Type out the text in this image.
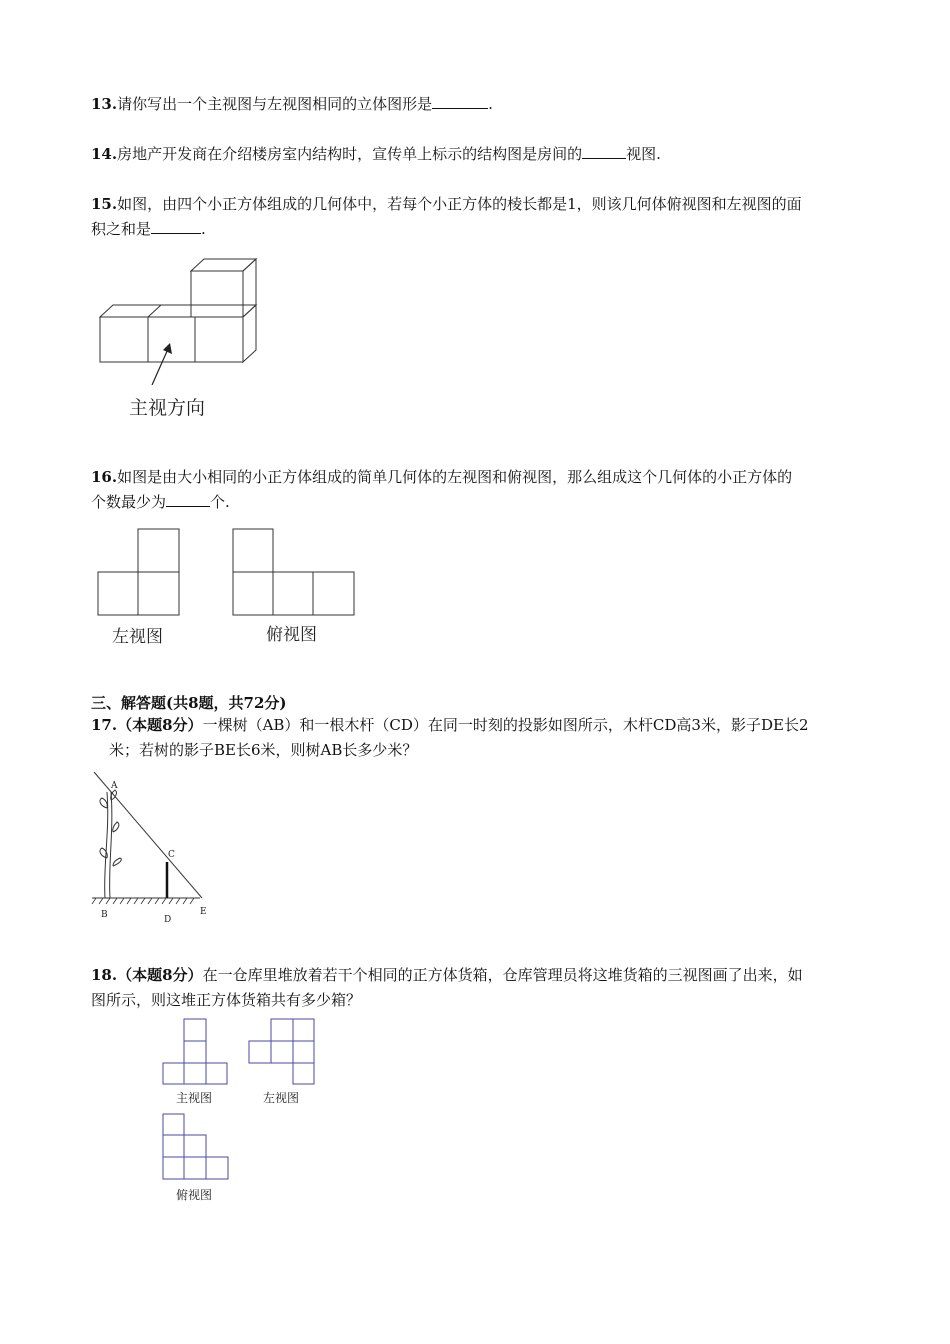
13.请你写出一个主视图与左视图相同的立体图形是	.
14.房地产开发商在介绍楼房室内结构时，宣传单上标示的结构图是房间的	视图.
15.如图，由四个小正方体组成的几何体中，若每个小正方体的棱长都是1，则该几何体俯视图和左视图的面
积之和是	.
主视方向
16.如图是由大小相同的小正方体组成的简单几何体的左视图和俯视图，那么组成这个几何体的小正方体的
个数最少为	个.
左视图	俯视图
三、解答题(共8题，共72分)
17.（本题8分）一棵树（AB）和一根木杆（CD）在同一时刻的投影如图所示，木杆CD高3米，影子DE长2
米；若树的影子BE长6米，则树AB长多少米？
A
C
B	D
E
18.（本题8分）在一仓库里堆放着若干个相同的正方体货箱，仓库管理员将这堆货箱的三视图画了出来，如
图所示，则这堆正方体货箱共有多少箱？
主视图	左视图
俯视图
